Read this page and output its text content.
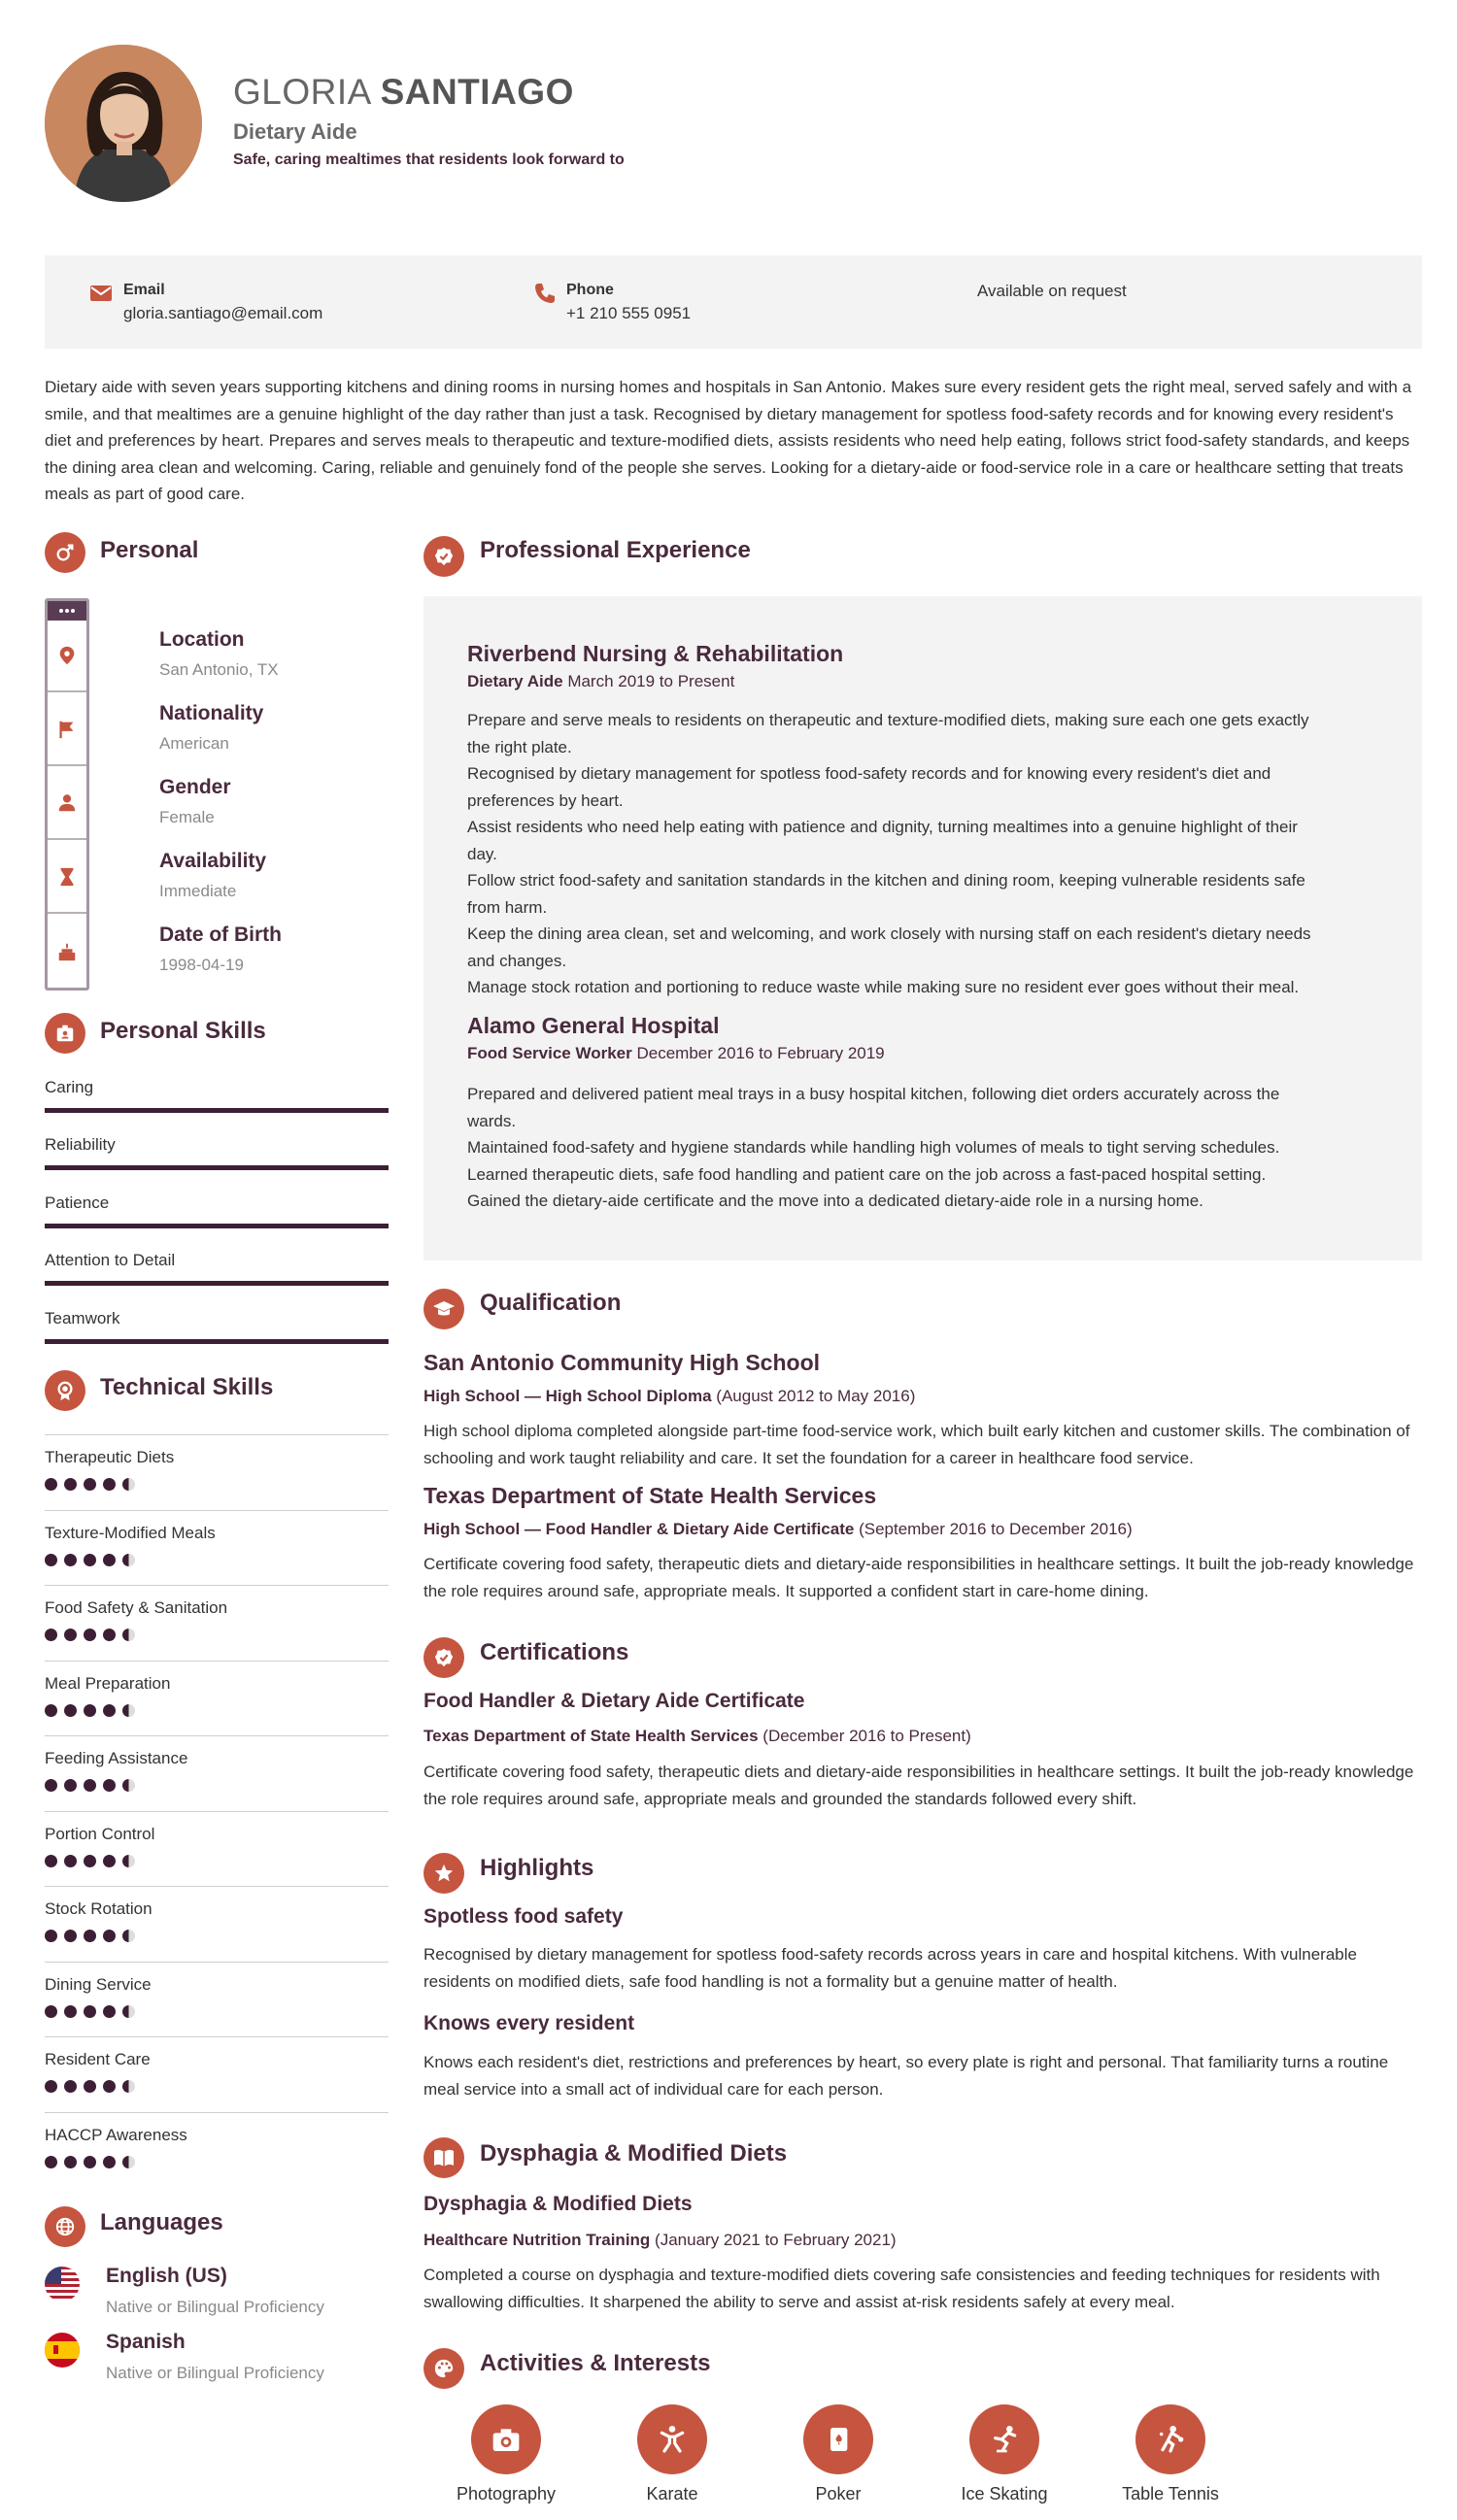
GLORIA SANTIAGO
Dietary Aide
Safe, caring mealtimes that residents look forward to
Email
gloria.santiago@email.com
Phone
+1 210 555 0951
Available on request
Dietary aide with seven years supporting kitchens and dining rooms in nursing homes and hospitals in San Antonio. Makes sure every resident gets the right meal, served safely and with a smile, and that mealtimes are a genuine highlight of the day rather than just a task. Recognised by dietary management for spotless food-safety records and for knowing every resident's diet and preferences by heart. Prepares and serves meals to therapeutic and texture-modified diets, assists residents who need help eating, follows strict food-safety standards, and keeps the dining area clean and welcoming. Caring, reliable and genuinely fond of the people she serves. Looking for a dietary-aide or food-service role in a care or healthcare setting that treats meals as part of good care.
Personal
Location
San Antonio, TX
Nationality
American
Gender
Female
Availability
Immediate
Date of Birth
1998-04-19
Personal Skills
Caring
Reliability
Patience
Attention to Detail
Teamwork
Technical Skills
Therapeutic Diets
Texture-Modified Meals
Food Safety & Sanitation
Meal Preparation
Feeding Assistance
Portion Control
Stock Rotation
Dining Service
Resident Care
HACCP Awareness
Languages
English (US)
Native or Bilingual Proficiency
Spanish
Native or Bilingual Proficiency
Professional Experience
Riverbend Nursing & Rehabilitation
Dietary Aide March 2019 to Present
Prepare and serve meals to residents on therapeutic and texture-modified diets, making sure each one gets exactly
the right plate.
Recognised by dietary management for spotless food-safety records and for knowing every resident's diet and
preferences by heart.
Assist residents who need help eating with patience and dignity, turning mealtimes into a genuine highlight of their
day.
Follow strict food-safety and sanitation standards in the kitchen and dining room, keeping vulnerable residents safe
from harm.
Keep the dining area clean, set and welcoming, and work closely with nursing staff on each resident's dietary needs
and changes.
Manage stock rotation and portioning to reduce waste while making sure no resident ever goes without their meal.
Alamo General Hospital
Food Service Worker December 2016 to February 2019
Prepared and delivered patient meal trays in a busy hospital kitchen, following diet orders accurately across the
wards.
Maintained food-safety and hygiene standards while handling high volumes of meals to tight serving schedules.
Learned therapeutic diets, safe food handling and patient care on the job across a fast-paced hospital setting.
Gained the dietary-aide certificate and the move into a dedicated dietary-aide role in a nursing home.
Qualification
San Antonio Community High School
High School — High School Diploma (August 2012 to May 2016)
High school diploma completed alongside part-time food-service work, which built early kitchen and customer skills. The combination of schooling and work taught reliability and care. It set the foundation for a career in healthcare food service.
Texas Department of State Health Services
High School — Food Handler & Dietary Aide Certificate (September 2016 to December 2016)
Certificate covering food safety, therapeutic diets and dietary-aide responsibilities in healthcare settings. It built the job-ready knowledge the role requires around safe, appropriate meals. It supported a confident start in care-home dining.
Certifications
Food Handler & Dietary Aide Certificate
Texas Department of State Health Services (December 2016 to Present)
Certificate covering food safety, therapeutic diets and dietary-aide responsibilities in healthcare settings. It built the job-ready knowledge the role requires around safe, appropriate meals and grounded the standards followed every shift.
Highlights
Spotless food safety
Recognised by dietary management for spotless food-safety records across years in care and hospital kitchens. With vulnerable residents on modified diets, safe food handling is not a formality but a genuine matter of health.
Knows every resident
Knows each resident's diet, restrictions and preferences by heart, so every plate is right and personal. That familiarity turns a routine meal service into a small act of individual care for each person.
Dysphagia & Modified Diets
Dysphagia & Modified Diets
Healthcare Nutrition Training (January 2021 to February 2021)
Completed a course on dysphagia and texture-modified diets covering safe consistencies and feeding techniques for residents with swallowing difficulties. It sharpened the ability to serve and assist at-risk residents safely at every meal.
Activities & Interests
Photography	Karate	Poker	Ice Skating	Table Tennis
